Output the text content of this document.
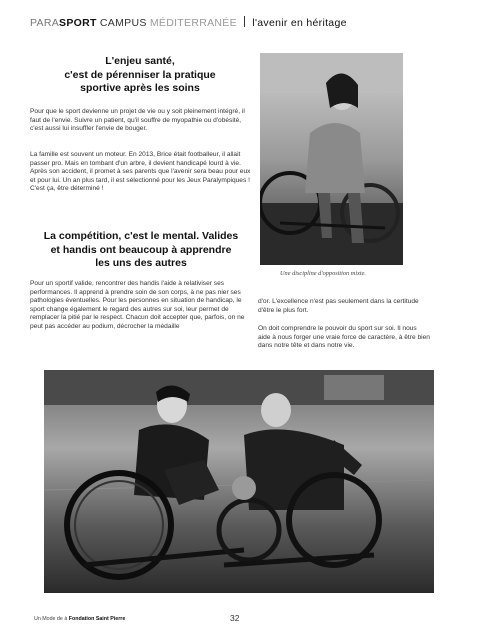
PARASPORT CAMPUS MÉDITERRANÉE l'avenir en héritage
L'enjeu santé,
c'est de pérenniser la pratique
sportive après les soins

Pour que le sport devienne un projet de vie ou y soit pleinement intégré, il faut de l'envie. Suivre un patient, qu'il souffre de myopathie ou d'obésité, c'est aussi lui insuffler l'envie de bouger.

La famille est souvent un moteur. En 2013, Brice était footballeur, il allait passer pro. Mais en tombant d'un arbre, il devient handicapé lourd à vie. Après son accident, il promet à ses parents que l'avenir sera beau pour eux et pour lui. Un an plus tard, il est sélectionné pour les Jeux Paralympiques ! C'est ça, être déterminé !

Une discipline d'opposition mixte.
La compétition, c'est le mental. Valides
et handis ont beaucoup à apprendre
les uns des autres

Pour un sportif valide, rencontrer des handis l'aide à relativiser ses performances. Il apprend à prendre soin de son corps, à ne pas nier ses pathologies éventuelles. Pour les personnes en situation de handicap, le sport change également le regard des autres sur soi, leur permet de remplacer la pitié par le respect. Chacun doit accepter que, parfois, on ne peut pas accéder au podium, décrocher la médaille

d'or. L'excellence n'est pas seulement dans la certitude d'être le plus fort.

On doit comprendre le pouvoir du sport sur soi. Il nous aide à nous forger une vraie force de caractère, à être bien dans notre tête et dans notre vie.

Un Mode de à Fondation Saint Pierre	32
